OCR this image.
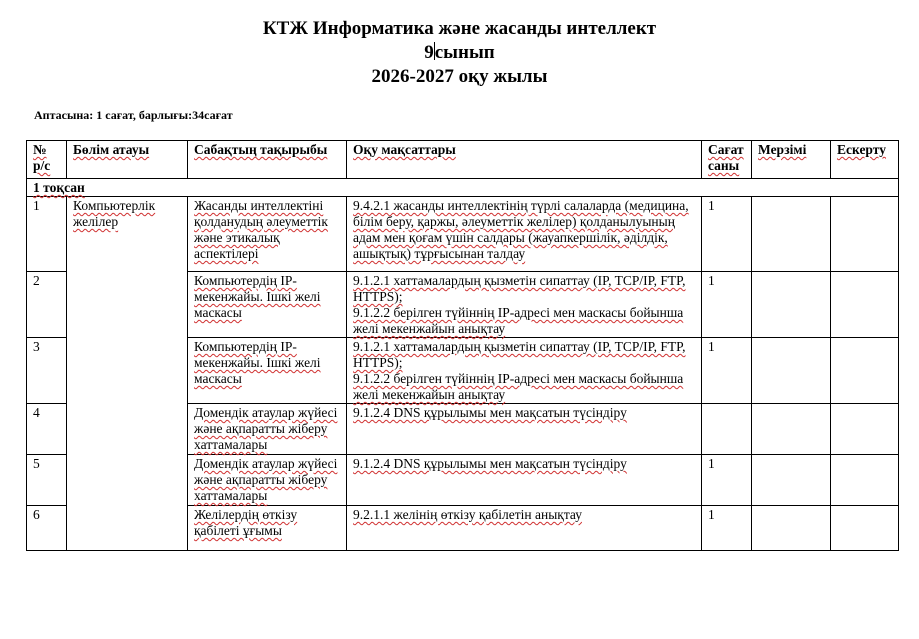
КТЖ Информатика және жасанды интеллект
9сынып
2026-2027 оқу жылы
Аптасына: 1 сағат, барлығы:34сағат
№ р/с	Бөлім атауы	Сабақтың тақырыбы	Оқу мақсаттары	Сағат саны	Мерзімі	Ескерту
1 тоқсан						
1	Компьютерлік желілер	Жасанды интеллектіні қолданудың әлеуметтік және этикалық аспектілері	9.4.2.1 жасанды интеллектінің түрлі салаларда (медицина, білім беру, қаржы, әлеуметтік желілер) қолданылуының адам мен қоғам үшін салдары (жауапкершілік, әділдік, ашықтық) тұрғысынан талдау	1		
2		Компьютердің IP-мекенжайы. Ішкі желі маскасы	9.1.2.1 хаттамалардың қызметін сипаттау (IP, TCP/IP, FTP, HTTPS);
9.1.2.2 берілген түйіннің IP-адресі мен маскасы бойынша желі мекенжайын анықтау	1		
3		Компьютердің IP-мекенжайы. Ішкі желі маскасы	9.1.2.1 хаттамалардың қызметін сипаттау (IP, TCP/IP, FTP, HTTPS);
9.1.2.2 берілген түйіннің IP-адресі мен маскасы бойынша желі мекенжайын анықтау	1		
4		Домендік атаулар жүйесі және ақпаратты жіберу хаттамалары	9.1.2.4 DNS құрылымы мен мақсатын түсіндіру			
5		Домендік атаулар жүйесі және ақпаратты жіберу хаттамалары	9.1.2.4 DNS құрылымы мен мақсатын түсіндіру	1		
6		Желілердің өткізу қабілеті ұғымы	9.2.1.1 желінің өткізу қабілетін анықтау	1		
